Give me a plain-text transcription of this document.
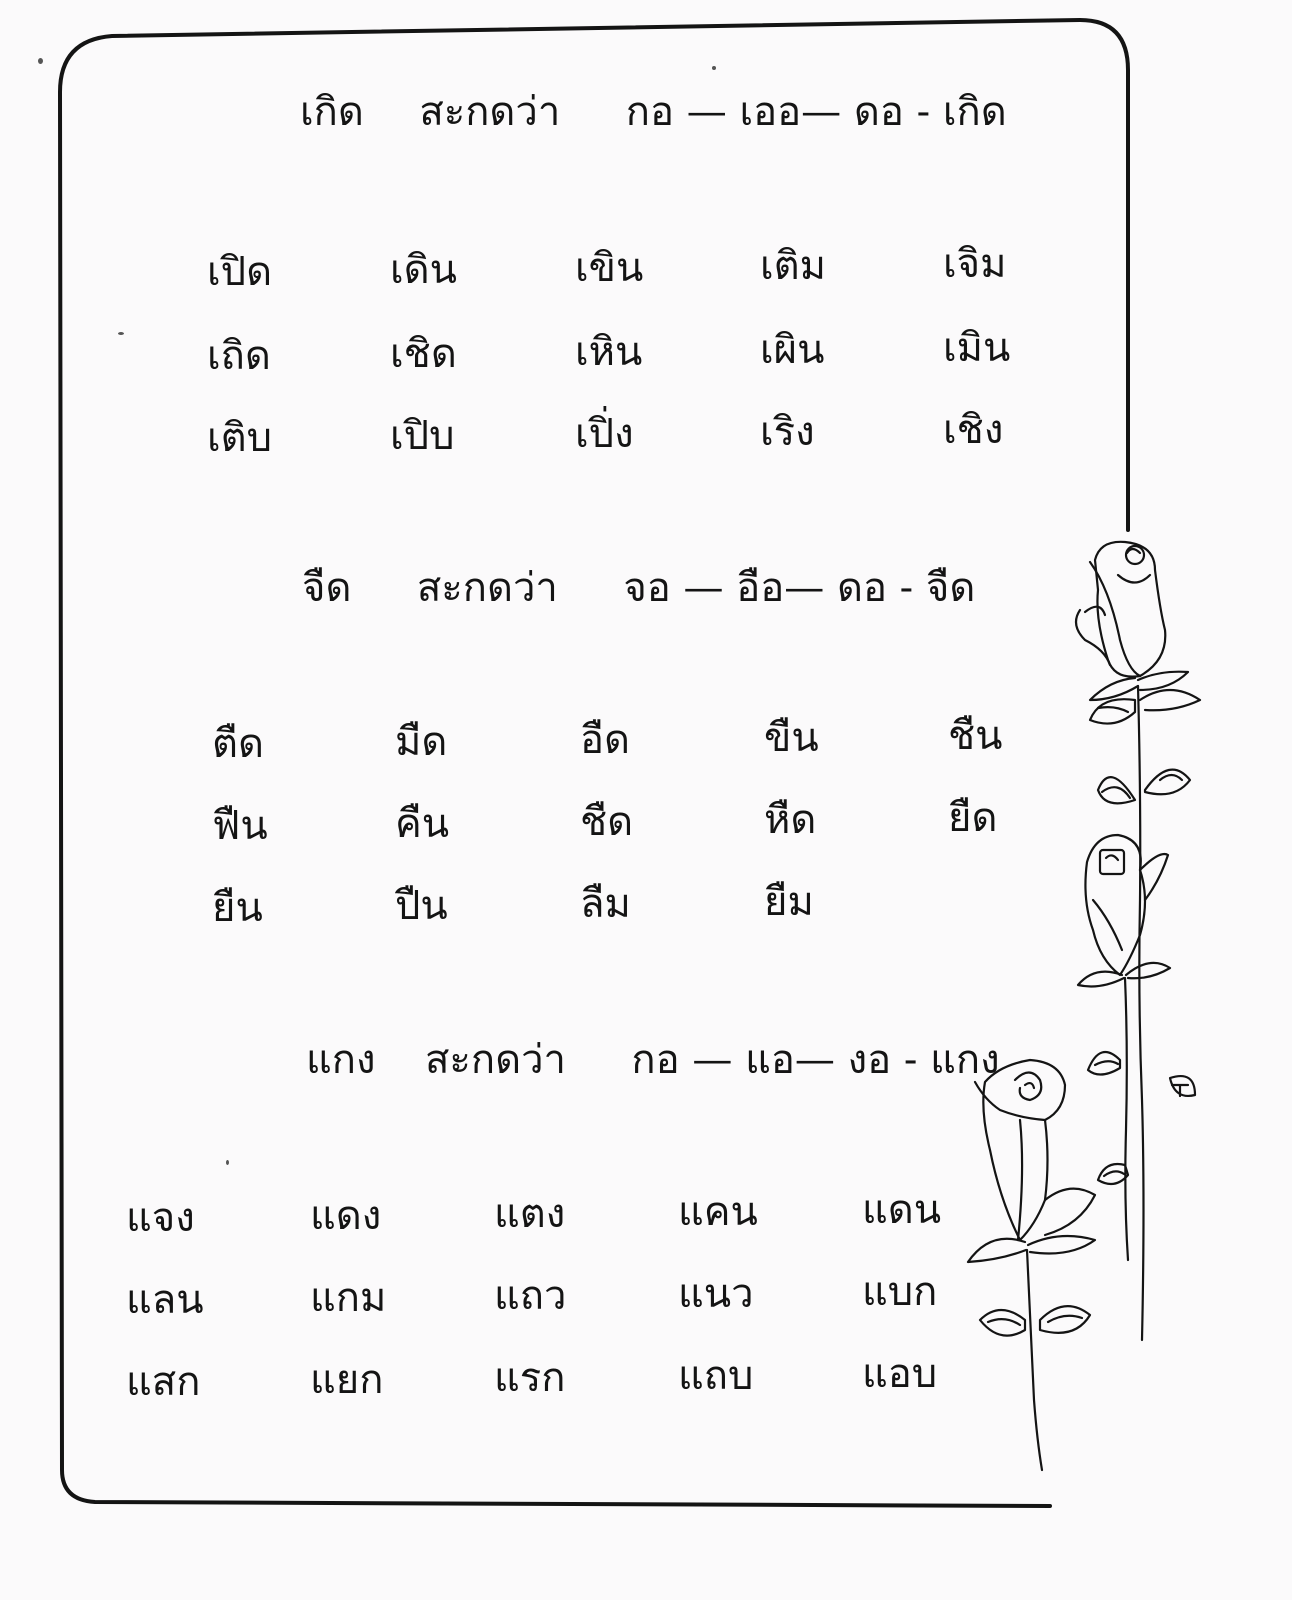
เกิด สะกดว่า กอ — เออ— ดอ - เกิด
เปิด	เดิน	เขิน	เติม	เจิม
เถิด	เชิด	เหิน	เผิน	เมิน
เติบ	เปิบ	เปิ่ง	เริง	เชิง
จืด สะกดว่า จอ — อือ— ดอ - จืด
ตืด	มืด	อืด	ขืน	ชืน
ฟืน	คืน	ชืด	หืด	ยืด
ยืน	ปืน	ลืม	ยืม
แกง สะกดว่า กอ — แอ— งอ - แกง
แจง	แดง	แตง	แคน	แดน
แลน	แกม	แถว	แนว	แบก
แสก	แยก	แรก	แถบ	แอบ
